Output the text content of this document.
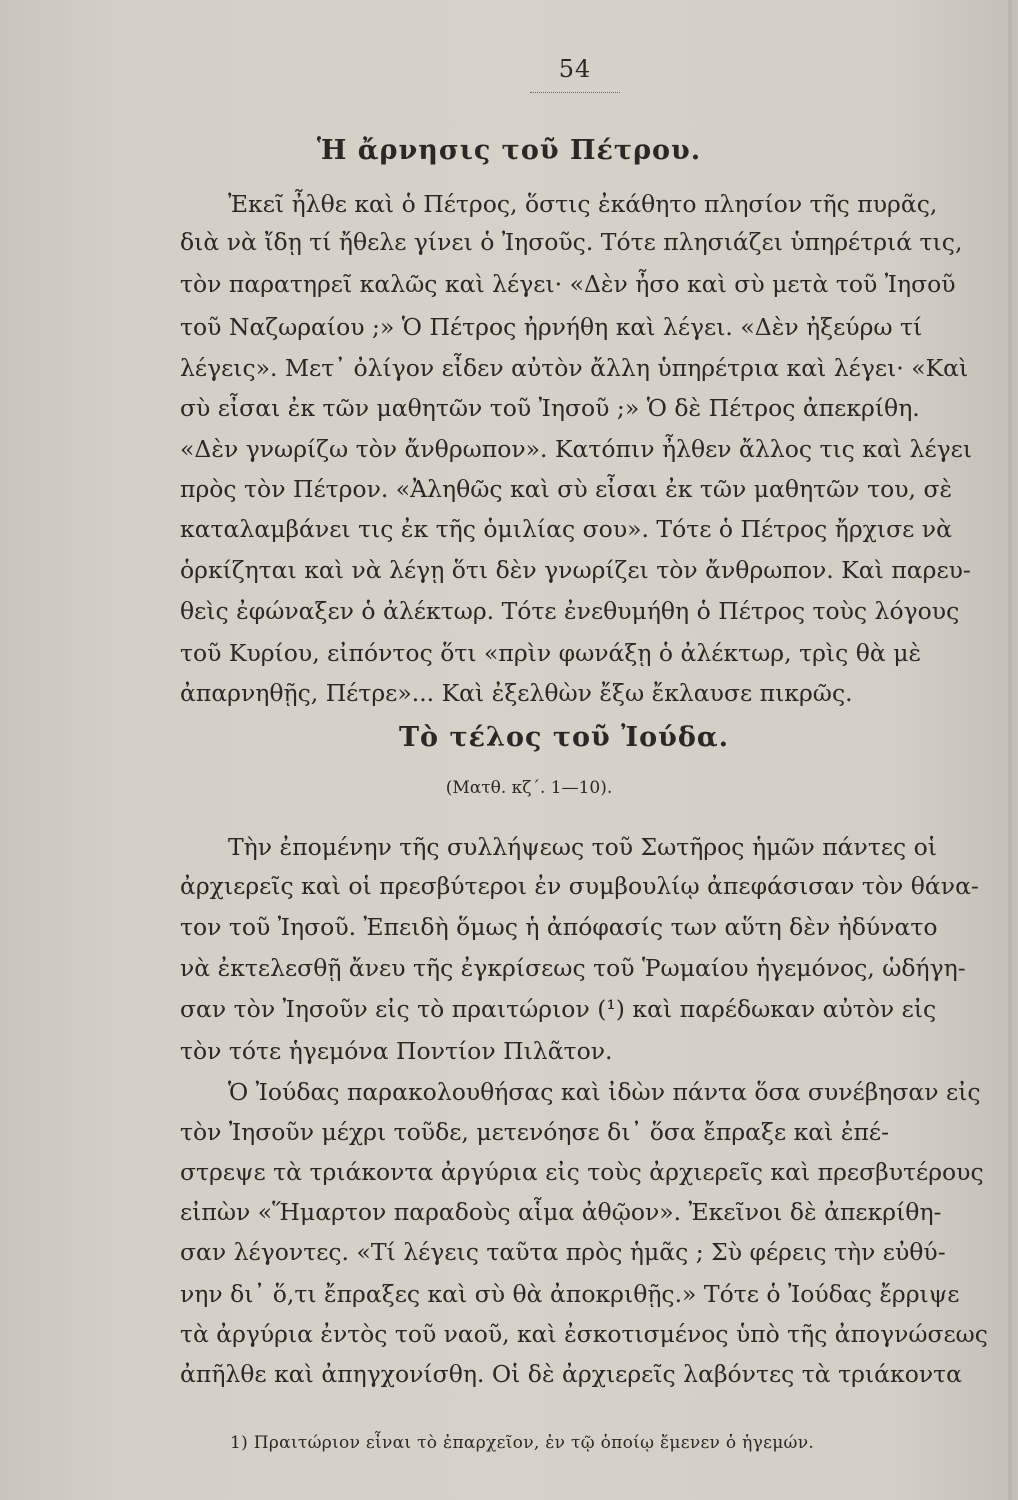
54
Ἡ ἄρνησις τοῦ Πέτρου.
Ἐκεῖ ἦλθε καὶ ὁ Πέτρος, ὅστις ἐκάθητο πλησίον τῆς πυρᾶς,
διὰ νὰ ἴδῃ τί ἤθελε γίνει ὁ Ἰησοῦς. Τότε πλησιάζει ὑπηρέτριά τις,
τὸν παρατηρεῖ καλῶς καὶ λέγει· «Δὲν ἦσο καὶ σὺ μετὰ τοῦ Ἰησοῦ
τοῦ Ναζωραίου ;» Ὁ Πέτρος ἠρνήθη καὶ λέγει. «Δὲν ἠξεύρω τί
λέγεις». Μετ᾽ ὀλίγον εἶδεν αὐτὸν ἄλλη ὑπηρέτρια καὶ λέγει· «Καὶ
σὺ εἶσαι ἐκ τῶν μαθητῶν τοῦ Ἰησοῦ ;» Ὁ δὲ Πέτρος ἀπεκρίθη.
«Δὲν γνωρίζω τὸν ἄνθρωπον». Κατόπιν ἦλθεν ἄλλος τις καὶ λέγει
πρὸς τὸν Πέτρον. «Ἀληθῶς καὶ σὺ εἶσαι ἐκ τῶν μαθητῶν του, σὲ
καταλαμβάνει τις ἐκ τῆς ὁμιλίας σου». Τότε ὁ Πέτρος ἤρχισε νὰ
ὁρκίζηται καὶ νὰ λέγῃ ὅτι δὲν γνωρίζει τὸν ἄνθρωπον. Καὶ παρευ-
θεὶς ἐφώναξεν ὁ ἀλέκτωρ. Τότε ἐνεθυμήθη ὁ Πέτρος τοὺς λόγους
τοῦ Κυρίου, εἰπόντος ὅτι «πρὶν φωνάξῃ ὁ ἀλέκτωρ, τρὶς θὰ μὲ
ἀπαρνηθῇς, Πέτρε»... Καὶ ἐξελθὼν ἔξω ἔκλαυσε πικρῶς.
Τὸ τέλος τοῦ Ἰούδα.
(Ματθ. κζ΄. 1—10).
Τὴν ἐπομένην τῆς συλλήψεως τοῦ Σωτῆρος ἡμῶν πάντες οἱ
ἀρχιερεῖς καὶ οἱ πρεσβύτεροι ἐν συμβουλίῳ ἀπεφάσισαν τὸν θάνα-
τον τοῦ Ἰησοῦ. Ἐπειδὴ ὅμως ἡ ἀπόφασίς των αὕτη δὲν ἠδύνατο
νὰ ἐκτελεσθῇ ἄνευ τῆς ἐγκρίσεως τοῦ Ῥωμαίου ἡγεμόνος, ὡδήγη-
σαν τὸν Ἰησοῦν εἰς τὸ πραιτώριον (¹) καὶ παρέδωκαν αὐτὸν εἰς
τὸν τότε ἡγεμόνα Ποντίον Πιλᾶτον.
Ὁ Ἰούδας παρακολουθήσας καὶ ἰδὼν πάντα ὅσα συνέβησαν εἰς
τὸν Ἰησοῦν μέχρι τοῦδε, μετενόησε δι᾽ ὅσα ἔπραξε καὶ ἐπέ-
στρεψε τὰ τριάκοντα ἀργύρια εἰς τοὺς ἀρχιερεῖς καὶ πρεσβυτέρους
εἰπὼν «Ἥμαρτον παραδοὺς αἷμα ἀθῷον». Ἐκεῖνοι δὲ ἀπεκρίθη-
σαν λέγοντες. «Τί λέγεις ταῦτα πρὸς ἡμᾶς ; Σὺ φέρεις τὴν εὐθύ-
νην δι᾽ ὅ,τι ἔπραξες καὶ σὺ θὰ ἀποκριθῇς.» Τότε ὁ Ἰούδας ἔρριψε
τὰ ἀργύρια ἐντὸς τοῦ ναοῦ, καὶ ἐσκοτισμένος ὑπὸ τῆς ἀπογνώσεως
ἀπῆλθε καὶ ἀπηγχονίσθη. Οἱ δὲ ἀρχιερεῖς λαβόντες τὰ τριάκοντα
1) Πραιτώριον εἶναι τὸ ἐπαρχεῖον, ἐν τῷ ὁποίῳ ἔμενεν ὁ ἡγεμών.
